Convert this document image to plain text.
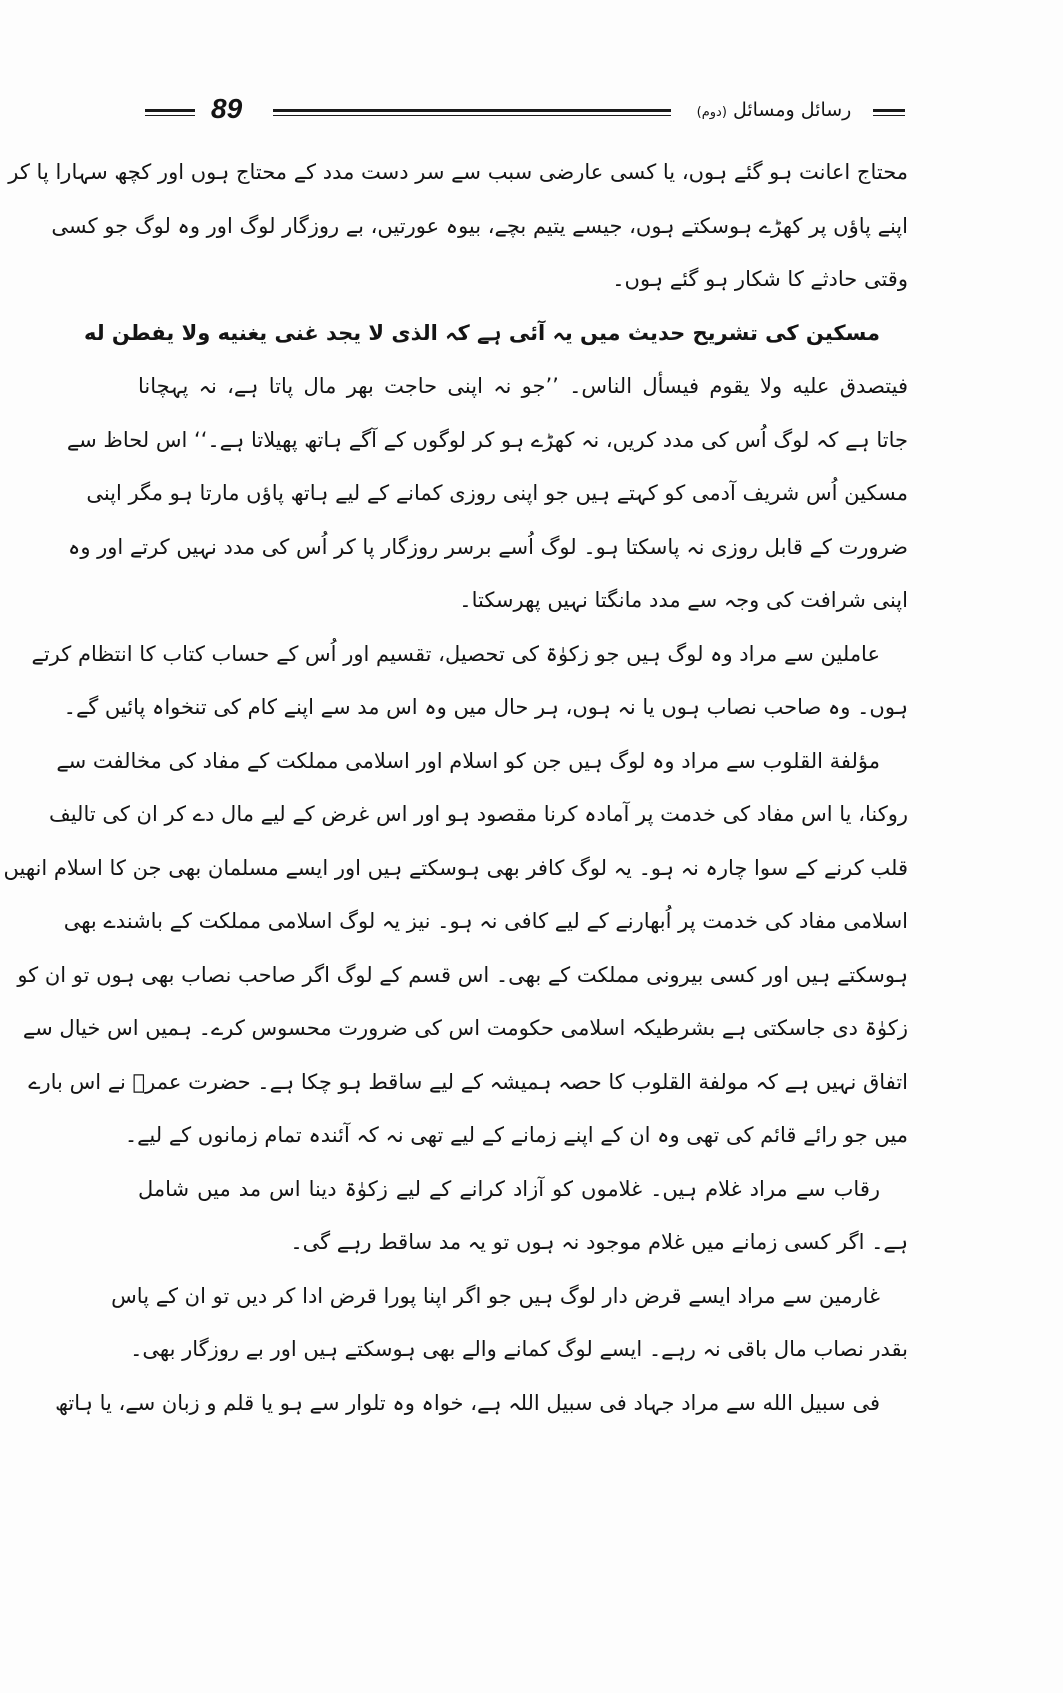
89	رسائل ومسائل (دوم)
محتاج اعانت ہو گئے ہوں، یا کسی عارضی سبب سے سر دست مدد کے محتاج ہوں اور کچھ سہارا پا کر
اپنے پاؤں پر کھڑے ہوسکتے ہوں، جیسے یتیم بچے، بیوہ عورتیں، بے روزگار لوگ اور وہ لوگ جو کسی
وقتی حادثے کا شکار ہو گئے ہوں۔
مسکین کی تشریح حدیث میں یہ آئی ہے کہ الذی لا یجد غنی یغنیه ولا یفطن له
فیتصدق علیه ولا یقوم فیسأل الناس۔ ’’جو نہ اپنی حاجت بھر مال پاتا ہے، نہ پہچانا
جاتا ہے کہ لوگ اُس کی مدد کریں، نہ کھڑے ہو کر لوگوں کے آگے ہاتھ پھیلاتا ہے۔‘‘ اس لحاظ سے
مسکین اُس شریف آدمی کو کہتے ہیں جو اپنی روزی کمانے کے لیے ہاتھ پاؤں مارتا ہو مگر اپنی
ضرورت کے قابل روزی نہ پاسکتا ہو۔ لوگ اُسے برسر روزگار پا کر اُس کی مدد نہیں کرتے اور وہ
اپنی شرافت کی وجہ سے مدد مانگتا نہیں پھرسکتا۔
عاملین سے مراد وہ لوگ ہیں جو زکوٰۃ کی تحصیل، تقسیم اور اُس کے حساب کتاب کا انتظام کرتے
ہوں۔ وہ صاحب نصاب ہوں یا نہ ہوں، ہر حال میں وہ اس مد سے اپنے کام کی تنخواہ پائیں گے۔
مؤلفة القلوب سے مراد وہ لوگ ہیں جن کو اسلام اور اسلامی مملکت کے مفاد کی مخالفت سے
روکنا، یا اس مفاد کی خدمت پر آمادہ کرنا مقصود ہو اور اس غرض کے لیے مال دے کر ان کی تالیف
قلب کرنے کے سوا چارہ نہ ہو۔ یہ لوگ کافر بھی ہوسکتے ہیں اور ایسے مسلمان بھی جن کا اسلام انھیں
اسلامی مفاد کی خدمت پر اُبھارنے کے لیے کافی نہ ہو۔ نیز یہ لوگ اسلامی مملکت کے باشندے بھی
ہوسکتے ہیں اور کسی بیرونی مملکت کے بھی۔ اس قسم کے لوگ اگر صاحب نصاب بھی ہوں تو ان کو
زکوٰۃ دی جاسکتی ہے بشرطیکہ اسلامی حکومت اس کی ضرورت محسوس کرے۔ ہمیں اس خیال سے
اتفاق نہیں ہے کہ مولفة القلوب کا حصہ ہمیشہ کے لیے ساقط ہو چکا ہے۔ حضرت عمرؓ نے اس بارے
میں جو رائے قائم کی تھی وہ ان کے اپنے زمانے کے لیے تھی نہ کہ آئندہ تمام زمانوں کے لیے۔
رقاب سے مراد غلام ہیں۔ غلاموں کو آزاد کرانے کے لیے زکوٰۃ دینا اس مد میں شامل
ہے۔ اگر کسی زمانے میں غلام موجود نہ ہوں تو یہ مد ساقط رہے گی۔
غارمین سے مراد ایسے قرض دار لوگ ہیں جو اگر اپنا پورا قرض ادا کر دیں تو ان کے پاس
بقدر نصاب مال باقی نہ رہے۔ ایسے لوگ کمانے والے بھی ہوسکتے ہیں اور بے روزگار بھی۔
فی سبیل الله سے مراد جہاد فی سبیل اللہ ہے، خواہ وہ تلوار سے ہو یا قلم و زبان سے، یا ہاتھ
